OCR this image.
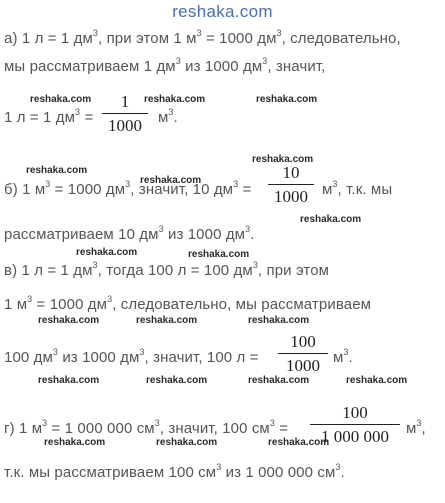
reshaka.com
а) 1 л = 1 $дм^3$, при этом 1 $м^3 = 1000$ $дм^3$, следовательно,
мы рассматриваем 1 $дм^3$ из 1000 $дм^3$, значит,
1 л = 1 $дм^3$ =
1
1000	$м^3$.
б) 1 $м^3 = 1000$ $дм^3$, значит, 10 $дм^3$ =
10
1000 $м^3$, т.к. мы
рассматриваем 10 $дм^3$ из 1000 $дм^3$.
в) 1 л = 1 $дм^3$, тогда 100 л = 100 $дм^3$, при этом
1 $м^3 = 1000$ $дм^3$, следовательно, мы рассматриваем
100 $дм^3$ из 1000 $дм^3$, значит, 100 л =
100
1000 $м^3$.
г) 1 $м^3 = 1$ 000 000 $см^3$, значит, 100 $см^3$ =
100
1 000 000	$м^3$,
т.к. мы рассматриваем 100 $см^3$ из 1 000 000 $см^3$.
reshaka.com	reshaka.com	reshaka.com
reshaka.com
reshaka.com
reshaka.com
reshaka.com
reshaka.com	reshaka.com
reshaka.com	reshaka.com	reshaka.com
reshaka.com	reshaka.com	reshaka.com	reshaka.com
reshaka.com	reshaka.com	reshaka.com
